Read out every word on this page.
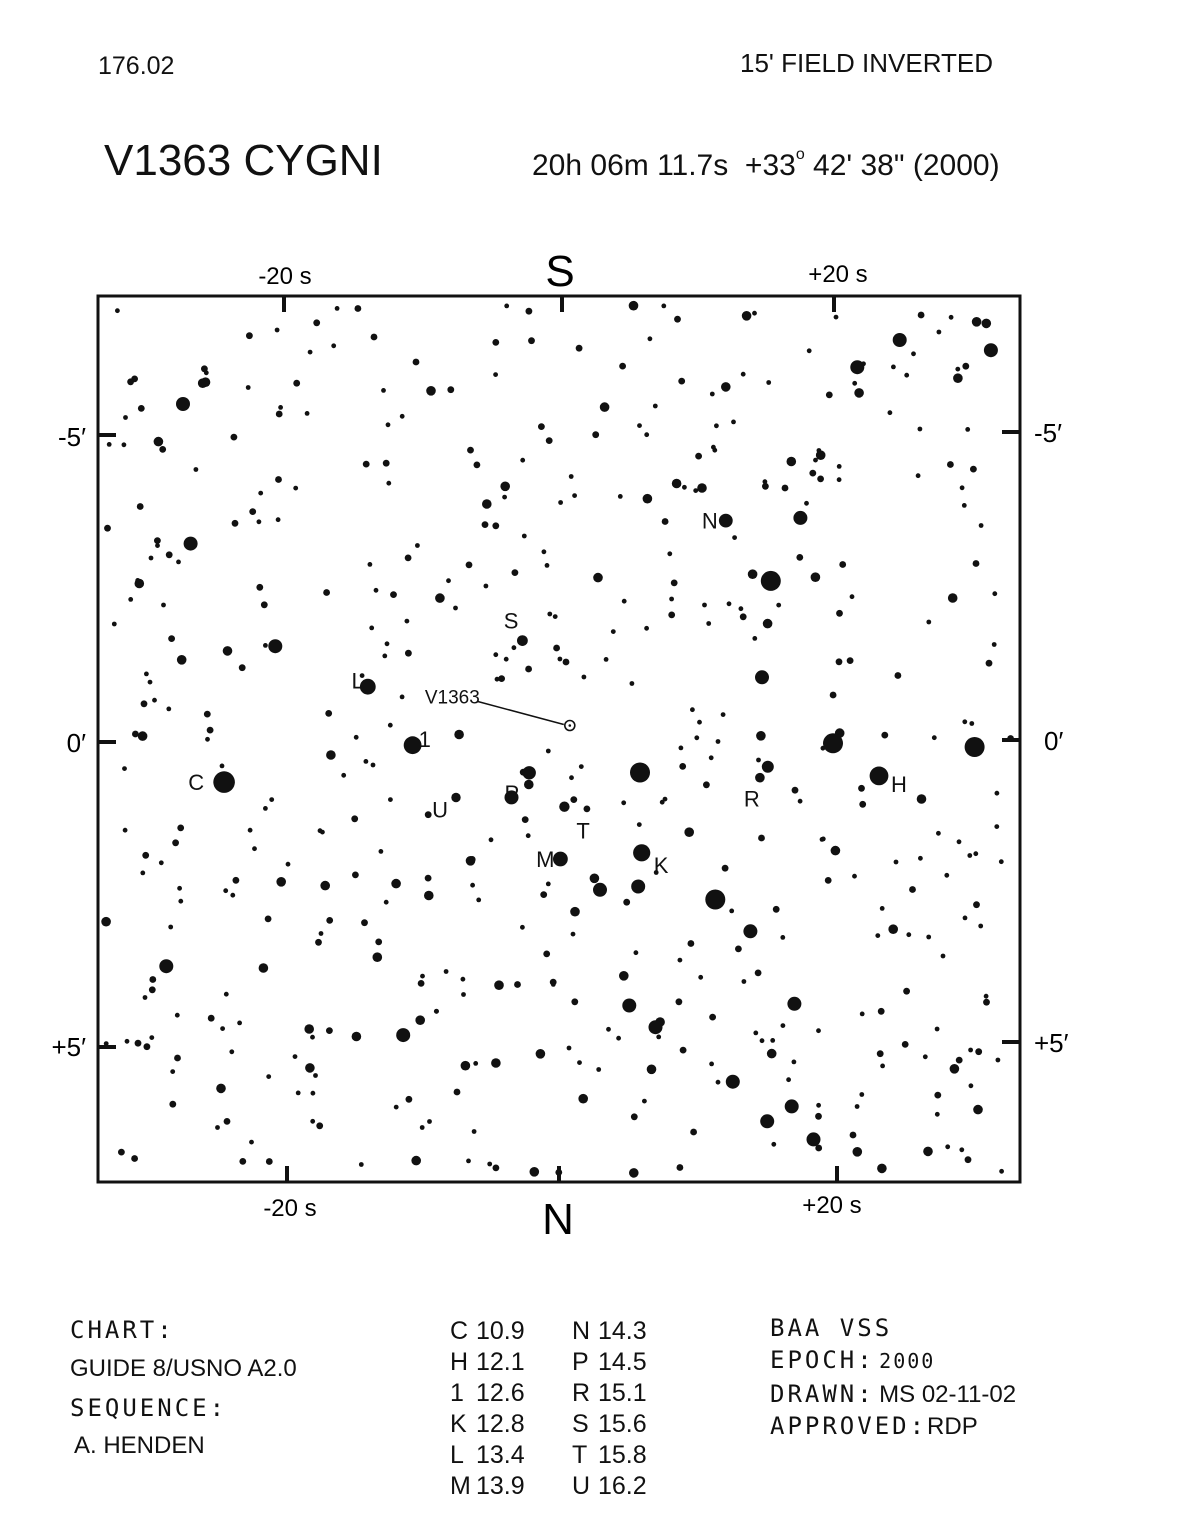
176.02	15' FIELD INVERTED
V1363 CYGNI	20h 06m $11.7s +33^o$ 42' 38" (2000)
S
N
-20 s	+20 s
-20 s	+20 s
-5′
0′
+5′
-5′
0′
+5′
C	H
1
K
L
M
N
P	R
S
T
U
V1363
CHART:
GUIDE 8/USNO A2.0
SEQUENCE:
A. HENDEN
C 10.9
H 12.1
1 12.6
K 12.8
L 13.4
M 13.9
N 14.3
P 14.5
R 15.1
S 15.6
T 15.8
U 16.2
BAA VSS
EPOCH: 2000
DRAWN: MS 02-11-02
APPROVED:RDP
